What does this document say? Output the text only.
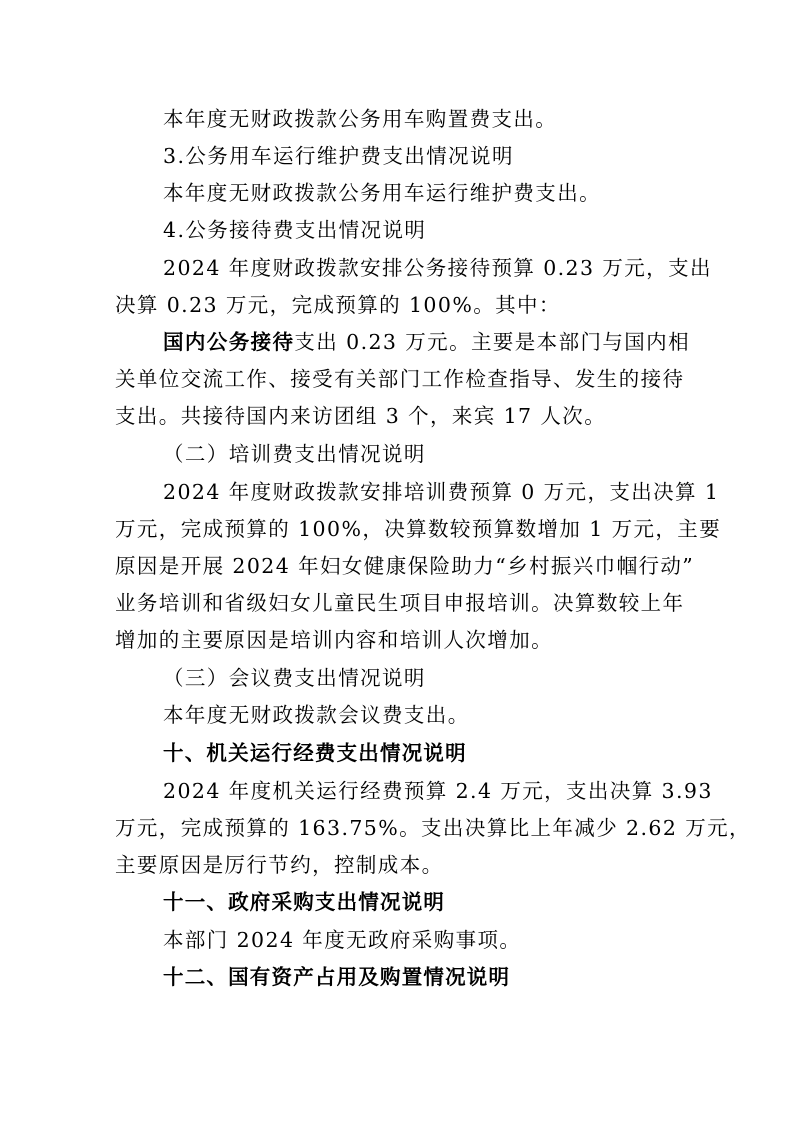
本年度无财政拨款公务用车购置费支出。
3.公务用车运行维护费支出情况说明
本年度无财政拨款公务用车运行维护费支出。
4.公务接待费支出情况说明
2024 年度财政拨款安排公务接待预算 0.23 万元，支出
决算 0.23 万元，完成预算的 100%。其中：
国内公务接待支出 0.23 万元。主要是本部门与国内相
关单位交流工作、接受有关部门工作检查指导、发生的接待
支出。共接待国内来访团组 3 个，来宾 17 人次。
（二）培训费支出情况说明
2024 年度财政拨款安排培训费预算 0 万元，支出决算 1
万元，完成预算的 100%，决算数较预算数增加 1 万元，主要
原因是开展 2024 年妇女健康保险助力“乡村振兴巾帼行动”
业务培训和省级妇女儿童民生项目申报培训。决算数较上年
增加的主要原因是培训内容和培训人次增加。
（三）会议费支出情况说明
本年度无财政拨款会议费支出。
十、机关运行经费支出情况说明
2024 年度机关运行经费预算 2.4 万元，支出决算 3.93
万元，完成预算的 163.75%。支出决算比上年减少 2.62 万元，
主要原因是厉行节约，控制成本。
十一、政府采购支出情况说明
本部门 2024 年度无政府采购事项。
十二、国有资产占用及购置情况说明
